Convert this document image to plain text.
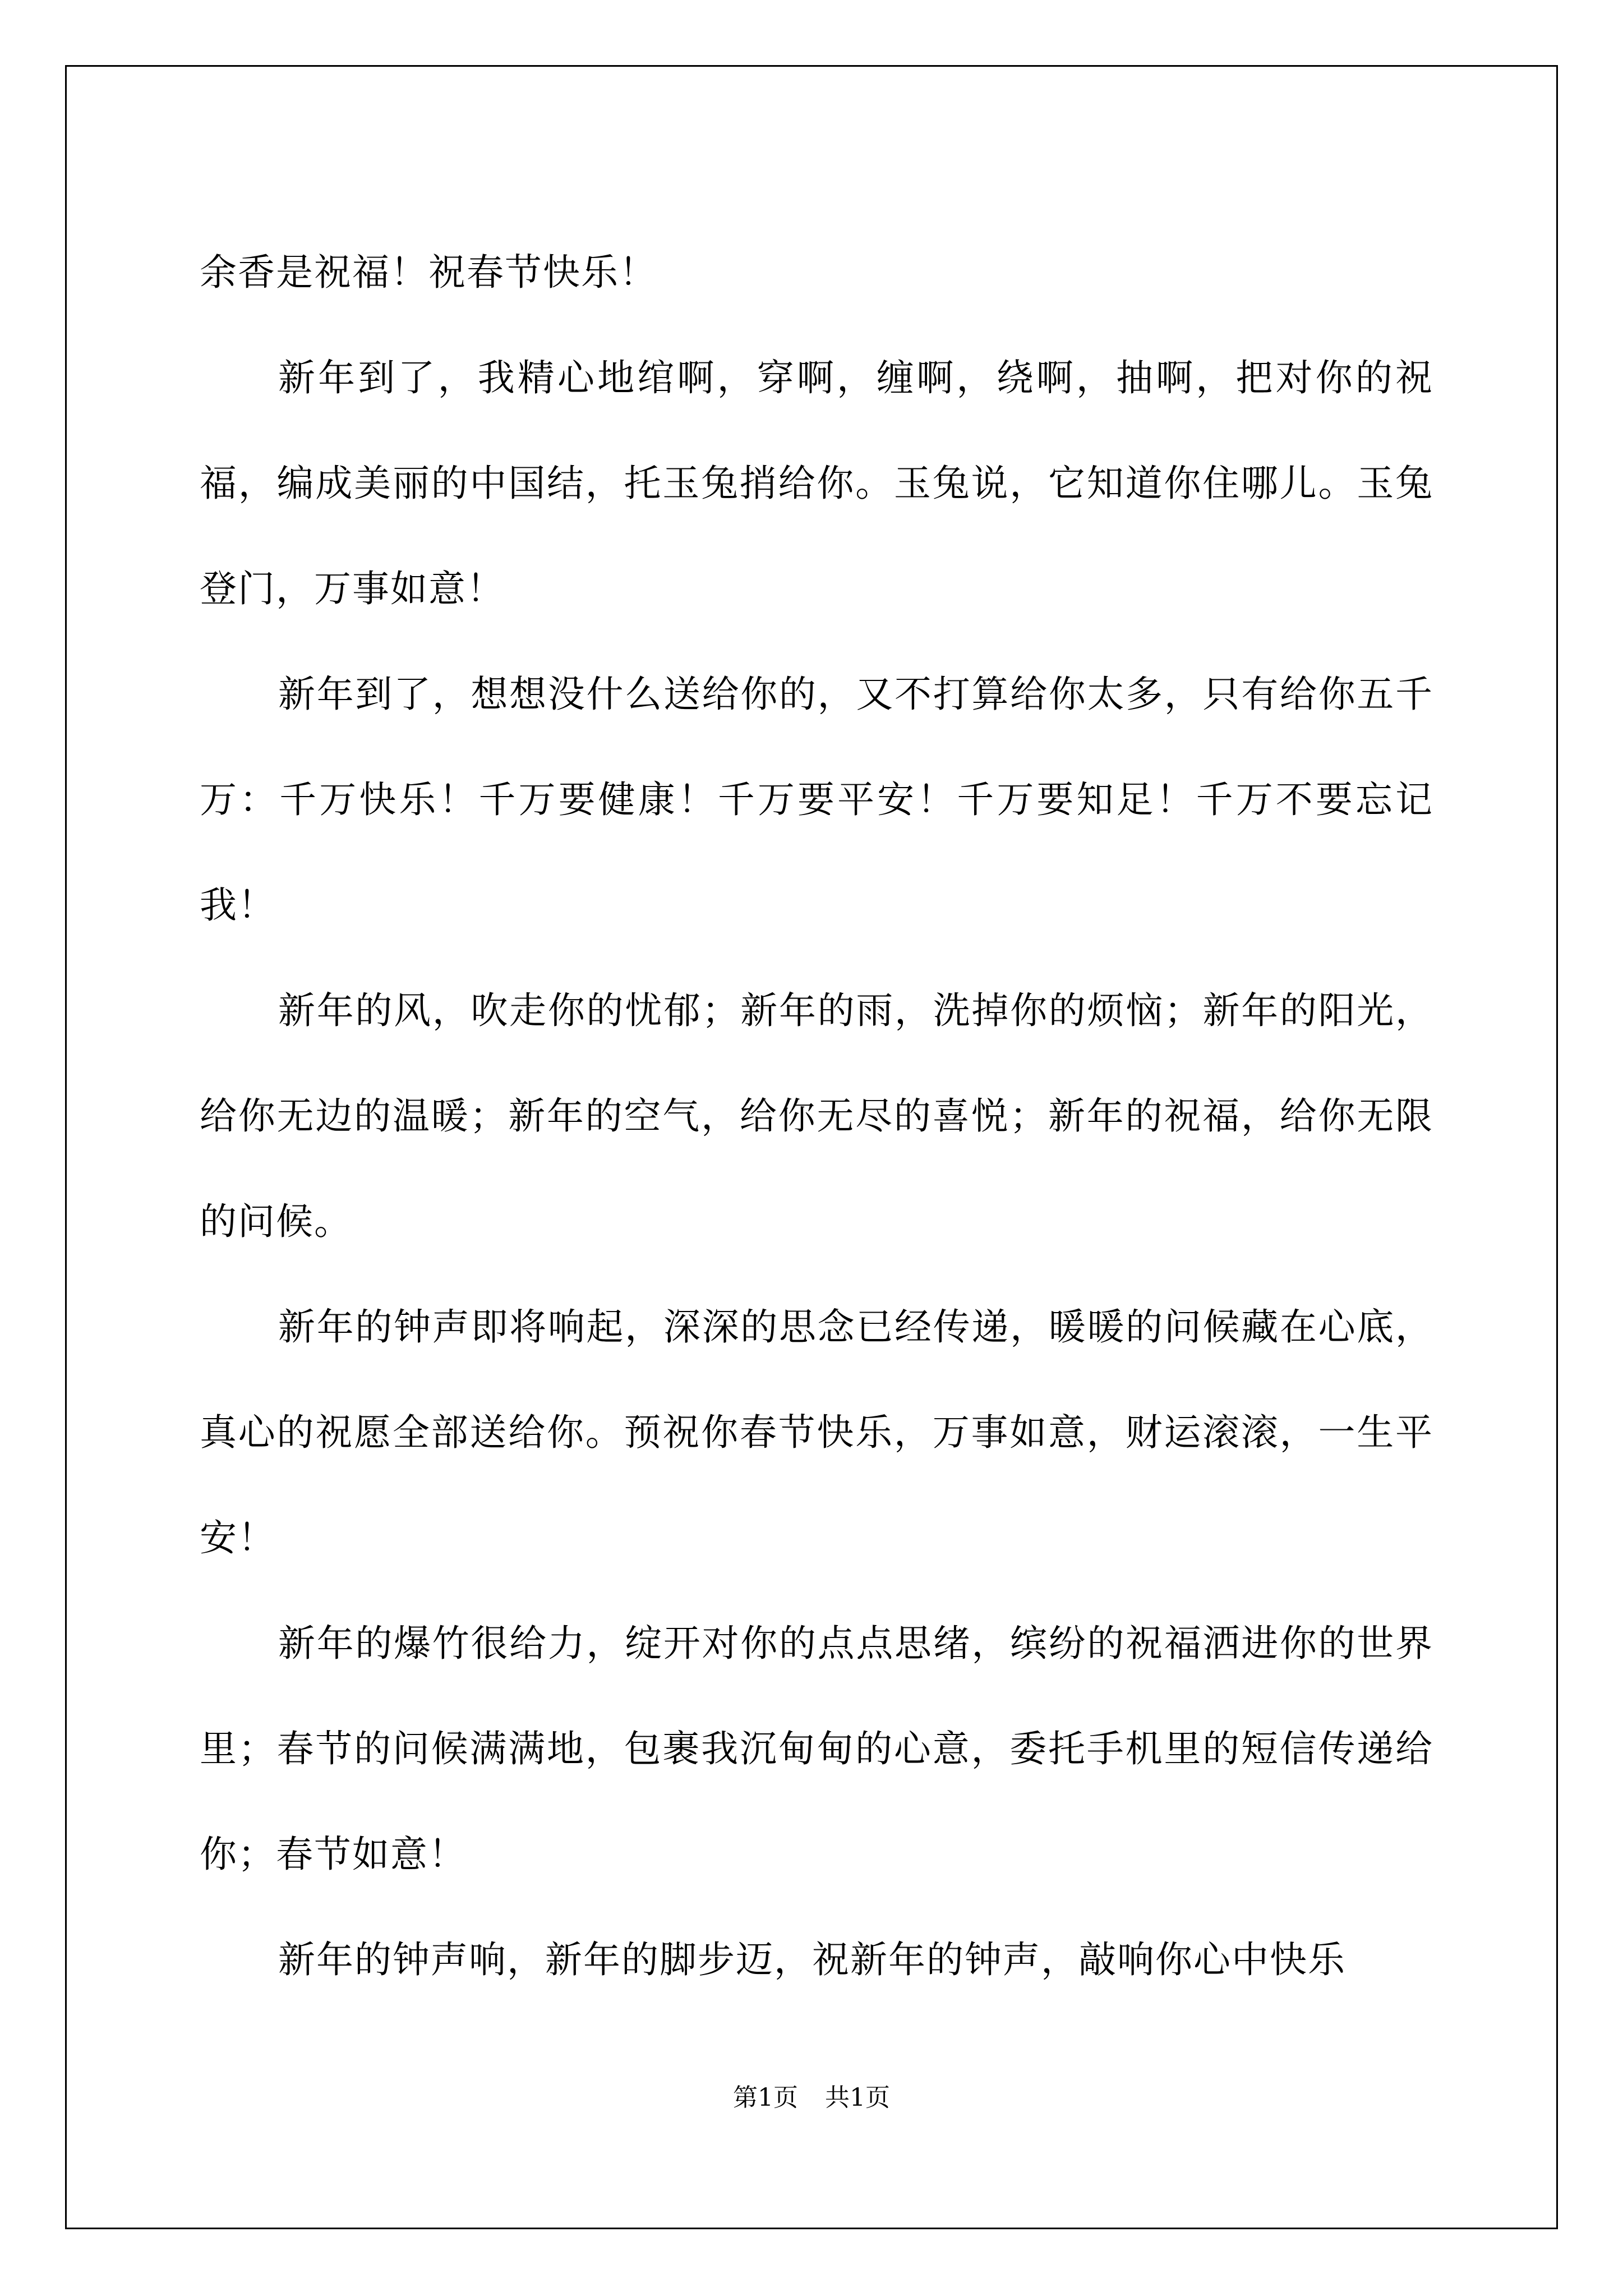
余香是祝福！祝春节快乐！

新年到了，我精心地绾啊，穿啊，缠啊，绕啊，抽啊，把对你的祝福，编成美丽的中国结，托玉兔捎给你。玉兔说，它知道你住哪儿。玉兔登门，万事如意！

新年到了，想想没什么送给你的，又不打算给你太多，只有给你五千万：千万快乐！千万要健康！千万要平安！千万要知足！千万不要忘记我！

新年的风，吹走你的忧郁；新年的雨，洗掉你的烦恼；新年的阳光，给你无边的温暖；新年的空气，给你无尽的喜悦；新年的祝福，给你无限的问候。

新年的钟声即将响起，深深的思念已经传递，暖暖的问候藏在心底，真心的祝愿全部送给你。预祝你春节快乐，万事如意，财运滚滚，一生平安！

新年的爆竹很给力，绽开对你的点点思绪，缤纷的祝福洒进你的世界里；春节的问候满满地，包裹我沉甸甸的心意，委托手机里的短信传递给你；春节如意！

新年的钟声响，新年的脚步迈，祝新年的钟声，敲响你心中快乐

第1页 共1页
